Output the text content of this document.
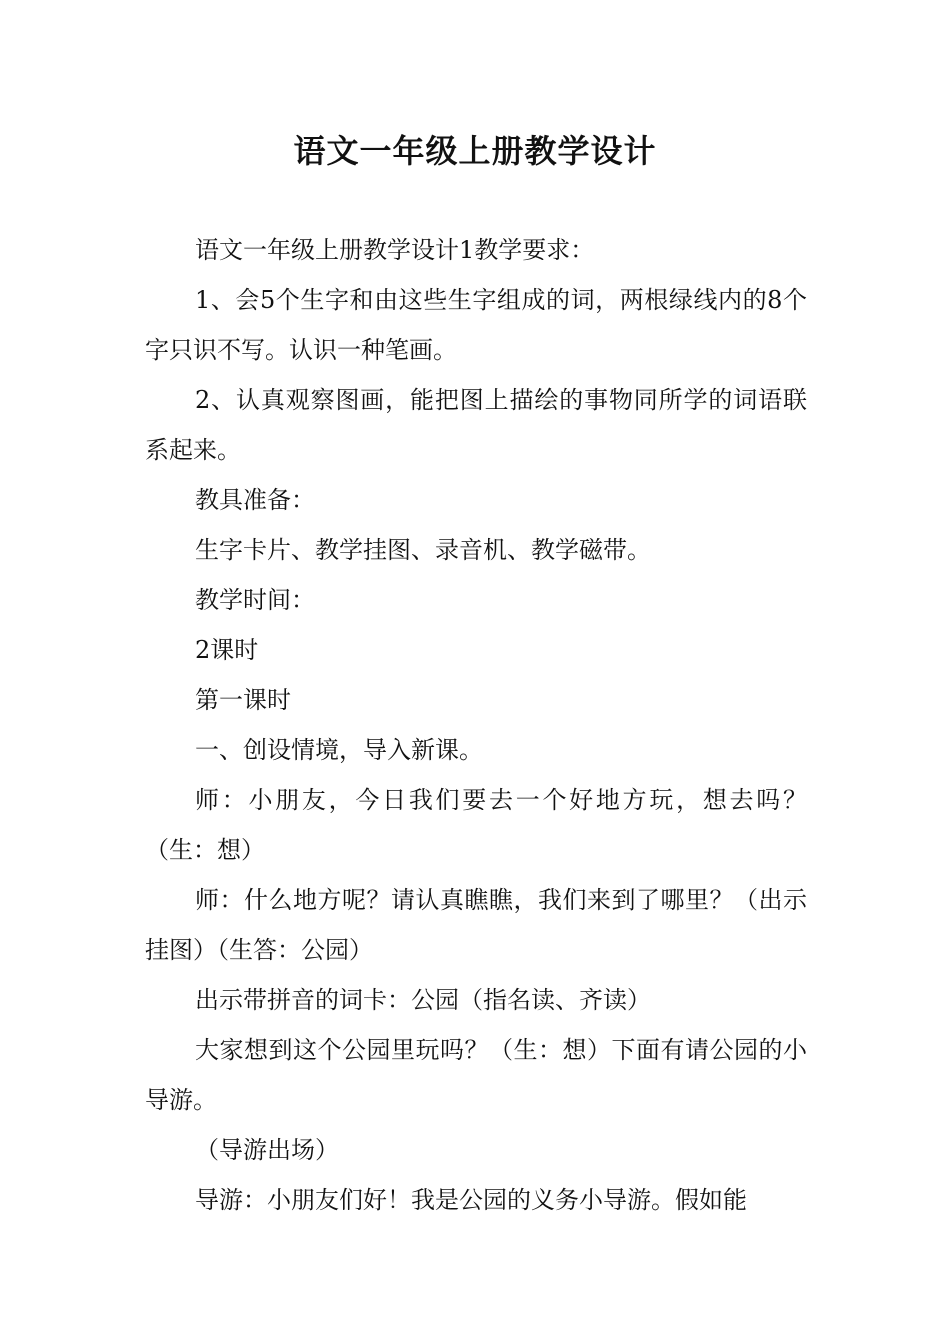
语文一年级上册教学设计

语文一年级上册教学设计1教学要求：

1、会5个生字和由这些生字组成的词，两根绿线内的8个字只识不写。认识一种笔画。

2、认真观察图画，能把图上描绘的事物同所学的词语联系起来。

教具准备：

生字卡片、教学挂图、录音机、教学磁带。

教学时间：

2课时

第一课时

一、创设情境，导入新课。

师：小朋友，今日我们要去一个好地方玩，想去吗？（生：想）

师：什么地方呢？请认真瞧瞧，我们来到了哪里？（出示挂图）（生答：公园）

出示带拼音的词卡：公园（指名读、齐读）

大家想到这个公园里玩吗？（生：想）下面有请公园的小导游。

（导游出场）

导游：小朋友们好！我是公园的义务小导游。假如能
